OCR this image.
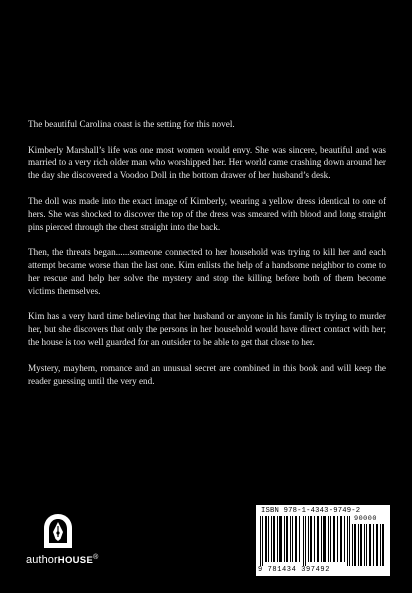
The beautiful Carolina coast is the setting for this novel.

Kimberly Marshall’s life was one most women would envy. She was sincere, beautiful and was married to a very rich older man who worshipped her. Her world came crashing down around her the day she discovered a Voodoo Doll in the bottom drawer of her husband’s desk.

The doll was made into the exact image of Kimberly, wearing a yellow dress identical to one of hers. She was shocked to discover the top of the dress was smeared with blood and long straight pins pierced through the chest straight into the back.

Then, the threats began......someone connected to her household was trying to kill her and each attempt became worse than the last one. Kim enlists the help of a handsome neighbor to come to her rescue and help her solve the mystery and stop the killing before both of them become victims themselves.

Kim has a very hard time believing that her husband or anyone in his family is trying to murder her, but she discovers that only the persons in her household would have direct contact with her; the house is too well guarded for an outsider to be able to get that close to her.

Mystery, mayhem, romance and an unusual secret are combined in this book and will keep the reader guessing until the very end.

authorHOUSE®
ISBN 978-1-4343-9749-2
90000
9 781434 397492
